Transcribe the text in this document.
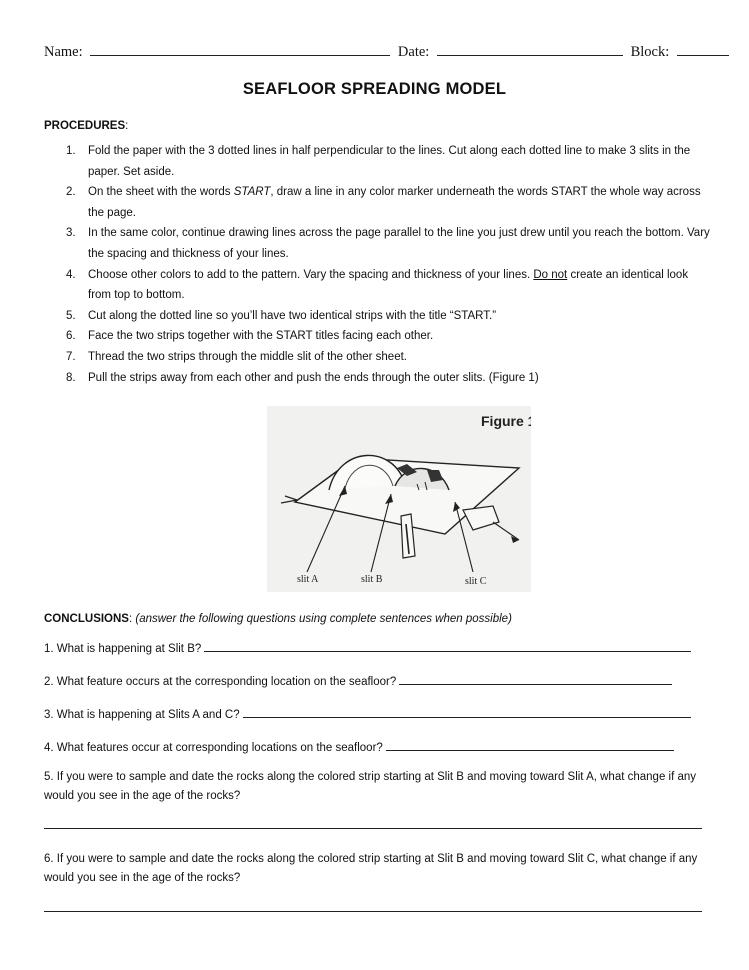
Name:	Date:	Block:
SEAFLOOR SPREADING MODEL
PROCEDURES:
1. Fold the paper with the 3 dotted lines in half perpendicular to the lines. Cut along each dotted line to make 3 slits in the paper. Set aside.
2. On the sheet with the words START, draw a line in any color marker underneath the words START the whole way across the page.
3. In the same color, continue drawing lines across the page parallel to the line you just drew until you reach the bottom. Vary the spacing and thickness of your lines.
4. Choose other colors to add to the pattern. Vary the spacing and thickness of your lines. Do not create an identical look from top to bottom.
5. Cut along the dotted line so you’ll have two identical strips with the title “START.”
6. Face the two strips together with the START titles facing each other.
7. Thread the two strips through the middle slit of the other sheet.
8. Pull the strips away from each other and push the ends through the outer slits. (Figure 1)
Figure 1
slit A	slit B	slit C
CONCLUSIONS: (answer the following questions using complete sentences when possible)
1. What is happening at Slit B?
2. What feature occurs at the corresponding location on the seafloor?
3. What is happening at Slits A and C?
4. What features occur at corresponding locations on the seafloor?
5. If you were to sample and date the rocks along the colored strip starting at Slit B and moving toward Slit A, what change if any would you see in the age of the rocks?
6. If you were to sample and date the rocks along the colored strip starting at Slit B and moving toward Slit C, what change if any would you see in the age of the rocks?
